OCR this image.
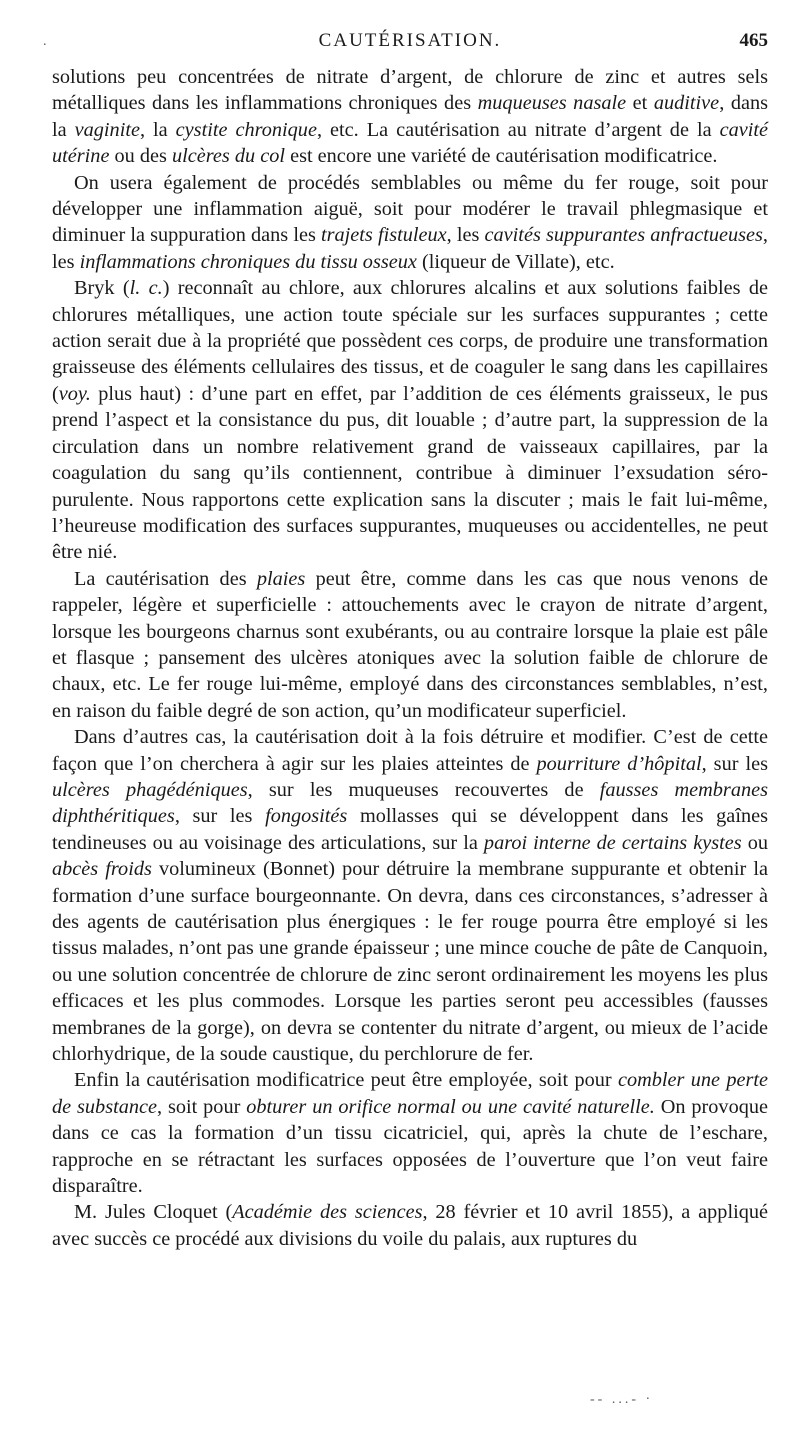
CAUTÉRISATION.	465

solutions peu concentrées de nitrate d’argent, de chlorure de zinc et autres sels métalliques dans les inflammations chroniques des muqueuses nasale et auditive, dans la vaginite, la cystite chronique, etc. La cautérisation au nitrate d’argent de la cavité utérine ou des ulcères du col est encore une variété de cautérisation modificatrice.

On usera également de procédés semblables ou même du fer rouge, soit pour développer une inflammation aiguë, soit pour modérer le travail phlegmasique et diminuer la suppuration dans les trajets fistuleux, les cavités suppurantes anfractueuses, les inflammations chroniques du tissu osseux (liqueur de Villate), etc.

Bryk (l. c.) reconnaît au chlore, aux chlorures alcalins et aux solutions faibles de chlorures métalliques, une action toute spéciale sur les surfaces suppurantes ; cette action serait due à la propriété que possèdent ces corps, de produire une transformation graisseuse des éléments cellulaires des tissus, et de coaguler le sang dans les capillaires (voy. plus haut) : d’une part en effet, par l’addition de ces éléments graisseux, le pus prend l’aspect et la consistance du pus, dit louable ; d’autre part, la suppression de la circulation dans un nombre relativement grand de vaisseaux capillaires, par la coagulation du sang qu’ils contiennent, contribue à diminuer l’exsudation séro-purulente. Nous rapportons cette explication sans la discuter ; mais le fait lui-même, l’heureuse modification des surfaces suppurantes, muqueuses ou accidentelles, ne peut être nié.

La cautérisation des plaies peut être, comme dans les cas que nous venons de rappeler, légère et superficielle : attouchements avec le crayon de nitrate d’argent, lorsque les bourgeons charnus sont exubérants, ou au contraire lorsque la plaie est pâle et flasque ; pansement des ulcères atoniques avec la solution faible de chlorure de chaux, etc. Le fer rouge lui-même, employé dans des circonstances semblables, n’est, en raison du faible degré de son action, qu’un modificateur superficiel.

Dans d’autres cas, la cautérisation doit à la fois détruire et modifier. C’est de cette façon que l’on cherchera à agir sur les plaies atteintes de pourriture d’hôpital, sur les ulcères phagédéniques, sur les muqueuses recouvertes de fausses membranes diphthéritiques, sur les fongosités mollasses qui se développent dans les gaînes tendineuses ou au voisinage des articulations, sur la paroi interne de certains kystes ou abcès froids volumineux (Bonnet) pour détruire la membrane suppurante et obtenir la formation d’une surface bourgeonnante. On devra, dans ces circonstances, s’adresser à des agents de cautérisation plus énergiques : le fer rouge pourra être employé si les tissus malades, n’ont pas une grande épaisseur ; une mince couche de pâte de Canquoin, ou une solution concentrée de chlorure de zinc seront ordinairement les moyens les plus efficaces et les plus commodes. Lorsque les parties seront peu accessibles (fausses membranes de la gorge), on devra se contenter du nitrate d’argent, ou mieux de l’acide chlorhydrique, de la soude caustique, du perchlorure de fer.

Enfin la cautérisation modificatrice peut être employée, soit pour combler une perte de substance, soit pour obturer un orifice normal ou une cavité naturelle. On provoque dans ce cas la formation d’un tissu cicatriciel, qui, après la chute de l’eschare, rapproche en se rétractant les surfaces opposées de l’ouverture que l’on veut faire disparaître.

M. Jules Cloquet (Académie des sciences, 28 février et 10 avril 1855), a appliqué avec succès ce procédé aux divisions du voile du palais, aux ruptures du

.
-- ...- ·
